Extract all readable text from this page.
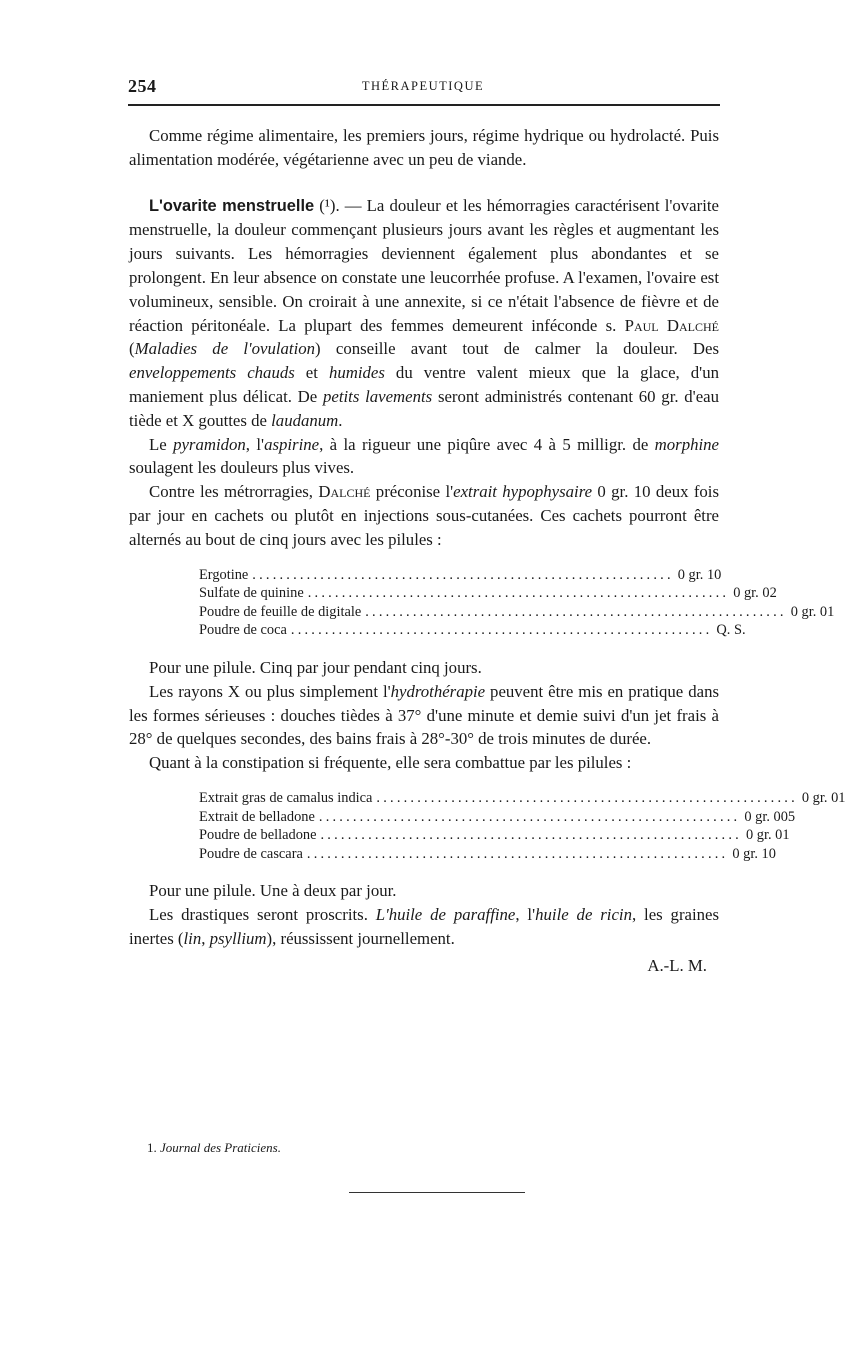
254	THÉRAPEUTIQUE

Comme régime alimentaire, les premiers jours, régime hydrique ou hydrolacté. Puis alimentation modérée, végétarienne avec un peu de viande.

L'ovarite menstruelle (¹). — La douleur et les hémorragies caractérisent l'ovarite menstruelle, la douleur commençant plusieurs jours avant les règles et augmentant les jours suivants. Les hémorragies deviennent également plus abondantes et se prolongent. En leur absence on constate une leucorrhée profuse. A l'examen, l'ovaire est volumineux, sensible. On croirait à une annexite, si ce n'était l'absence de fièvre et de réaction péritonéale. La plupart des femmes demeurent inféconde s. Paul Dalché (Maladies de l'ovulation) conseille avant tout de calmer la douleur. Des enveloppements chauds et humides du ventre valent mieux que la glace, d'un maniement plus délicat. De petits lavements seront administrés contenant 60 gr. d'eau tiède et X gouttes de laudanum.

Le pyramidon, l'aspirine, à la rigueur une piqûre avec 4 à 5 milligr. de morphine soulagent les douleurs plus vives.

Contre les métrorragies, Dalché préconise l'extrait hypophysaire 0 gr. 10 deux fois par jour en cachets ou plutôt en injections sous-cutanées. Ces cachets pourront être alternés au bout de cinq jours avec les pilules :

Ergotine .............................................................. 0 gr. 10
Sulfate de quinine .............................................................. 0 gr. 02
Poudre de feuille de digitale .............................................................. 0 gr. 01
Poudre de coca .............................................................. Q. S.

Pour une pilule. Cinq par jour pendant cinq jours.

Les rayons X ou plus simplement l'hydrothérapie peuvent être mis en pratique dans les formes sérieuses : douches tièdes à 37° d'une minute et demie suivi d'un jet frais à 28° de quelques secondes, des bains frais à 28°-30° de trois minutes de durée.

Quant à la constipation si fréquente, elle sera combattue par les pilules :

Extrait gras de camalus indica .............................................................. 0 gr. 01
Extrait de belladone .............................................................. 0 gr. 005
Poudre de belladone .............................................................. 0 gr. 01
Poudre de cascara .............................................................. 0 gr. 10

Pour une pilule. Une à deux par jour.

Les drastiques seront proscrits. L'huile de paraffine, l'huile de ricin, les graines inertes (lin, psyllium), réussissent journellement.

A.-L. M.
1. Journal des Praticiens.
